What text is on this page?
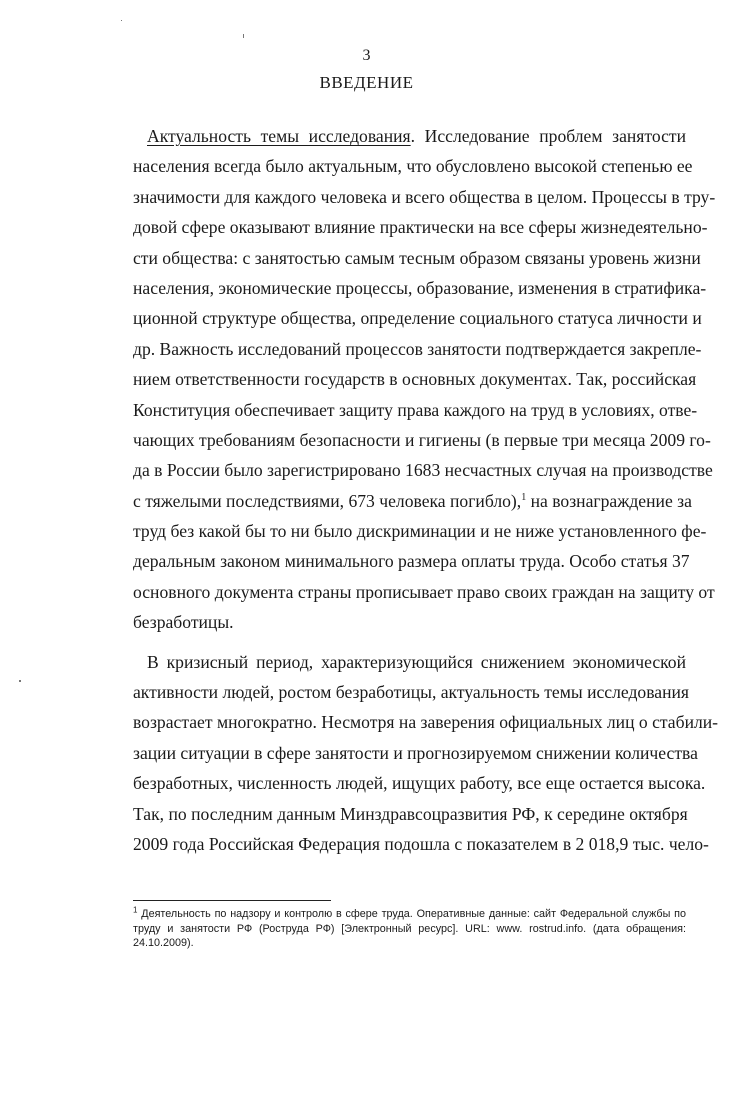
3
ВВЕДЕНИЕ
Актуальность темы исследования. Исследование проблем занятости
населения всегда было актуальным, что обусловлено высокой степенью ее
значимости для каждого человека и всего общества в целом. Процессы в тру-
довой сфере оказывают влияние практически на все сферы жизнедеятельно-
сти общества: с занятостью самым тесным образом связаны уровень жизни
населения, экономические процессы, образование, изменения в стратифика-
ционной структуре общества, определение социального статуса личности и
др. Важность исследований процессов занятости подтверждается закрепле-
нием ответственности государств в основных документах. Так, российская
Конституция обеспечивает защиту права каждого на труд в условиях, отве-
чающих требованиям безопасности и гигиены (в первые три месяца 2009 го-
да в России было зарегистрировано 1683 несчастных случая на производстве
с тяжелыми последствиями, 673 человека погибло),$^1$ на вознаграждение за
труд без какой бы то ни было дискриминации и не ниже установленного фе-
деральным законом минимального размера оплаты труда. Особо статья 37
основного документа страны прописывает право своих граждан на защиту от
безработицы.
В кризисный период, характеризующийся снижением экономической
активности людей, ростом безработицы, актуальность темы исследования
возрастает многократно. Несмотря на заверения официальных лиц о стабили-
зации ситуации в сфере занятости и прогнозируемом снижении количества
безработных, численность людей, ищущих работу, все еще остается высока.
Так, по последним данным Минздравсоцразвития РФ, к середине октября
2009 года Российская Федерация подошла с показателем в 2 018,9 тыс. чело-
$^1$ Деятельность по надзору и контролю в сфере труда. Оперативные данные: сайт Федеральной службы по
труду и занятости РФ (Роструда РФ) [Электронный ресурс]. URL: www. rostrud.info. (дата обращения:
24.10.2009).
